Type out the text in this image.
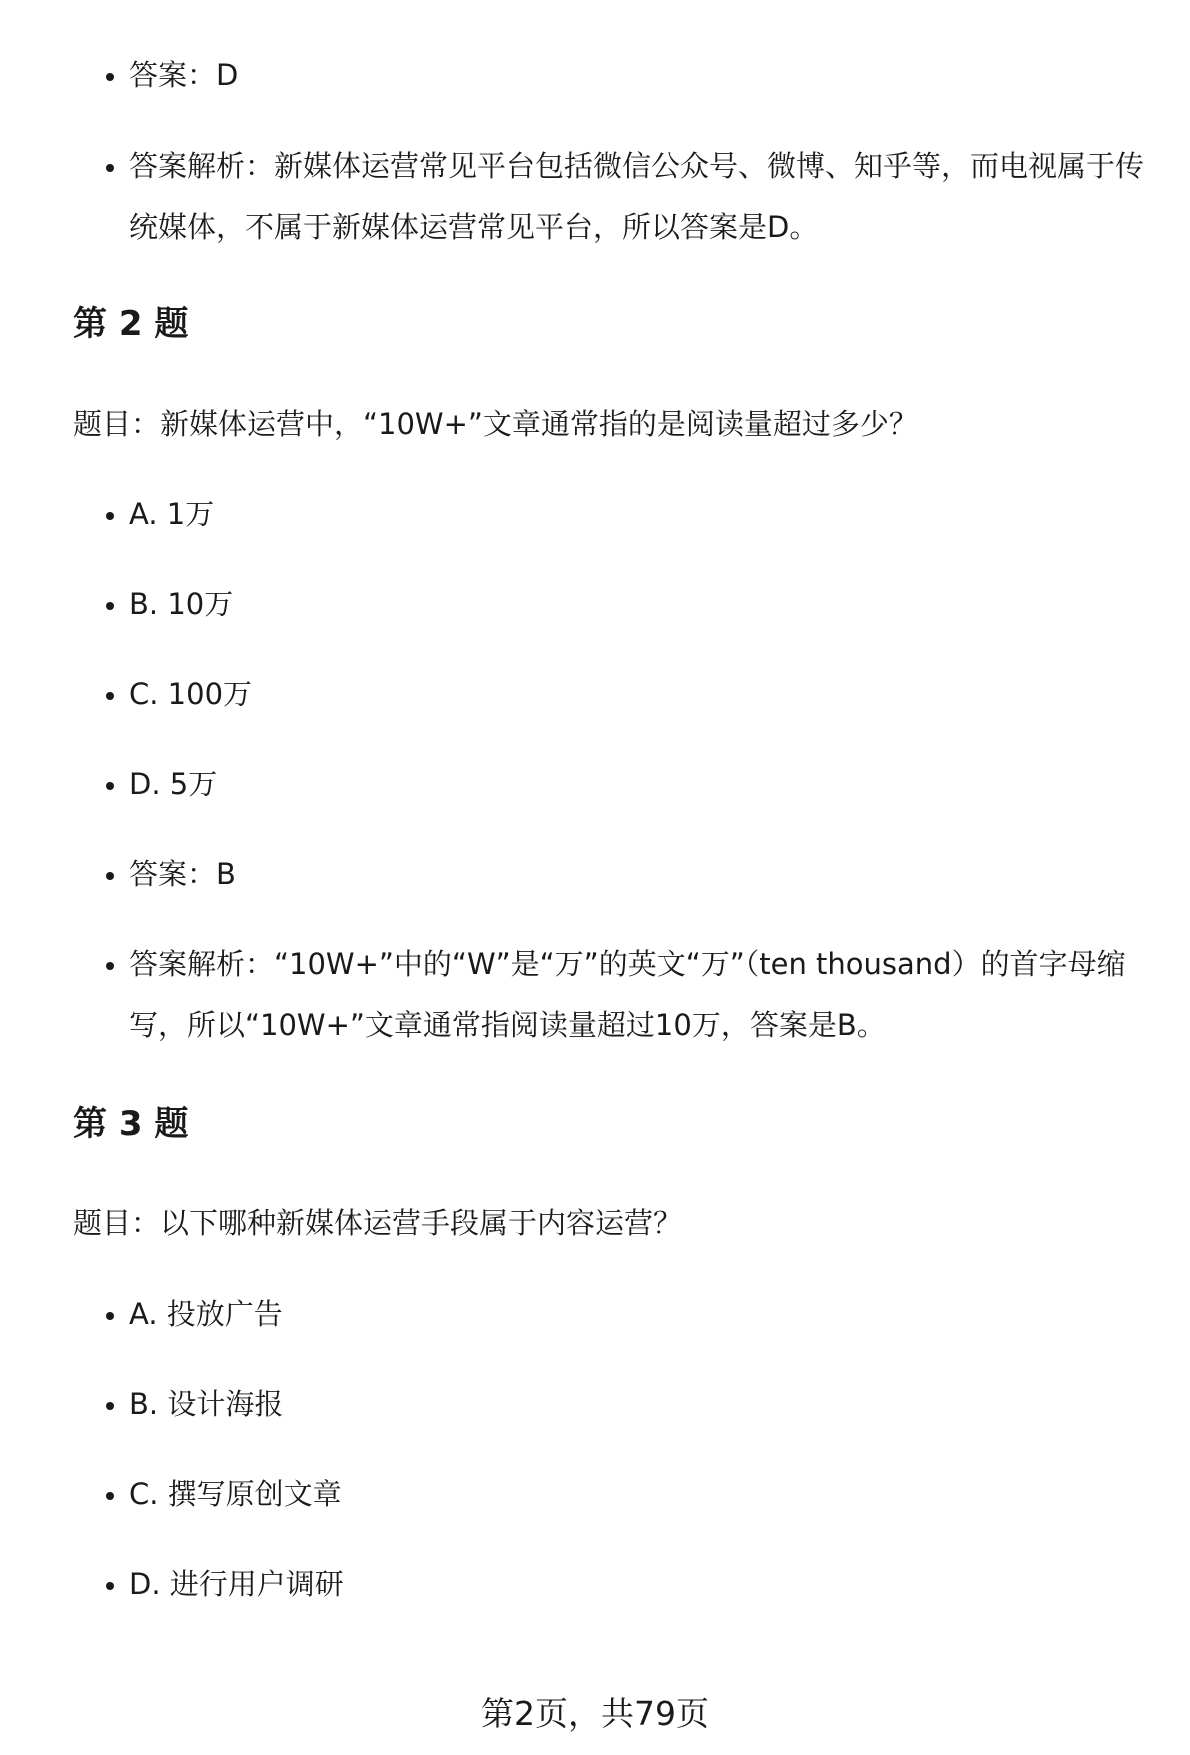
答案：D
答案解析：新媒体运营常见平台包括微信公众号、微博、知乎等，而电视属于传统媒体，不属于新媒体运营常见平台，所以答案是D。
第 2 题

题目：新媒体运营中，“10W+”文章通常指的是阅读量超过多少？

A. 1万
B. 10万
C. 100万
D. 5万
答案：B
答案解析：“10W+”中的“W”是“万”的英文“万”（ten thousand）的首字母缩写，所以“10W+”文章通常指阅读量超过10万，答案是B。
第 3 题

题目：以下哪种新媒体运营手段属于内容运营？

A. 投放广告
B. 设计海报
C. 撰写原创文章
D. 进行用户调研
第2页，共79页
